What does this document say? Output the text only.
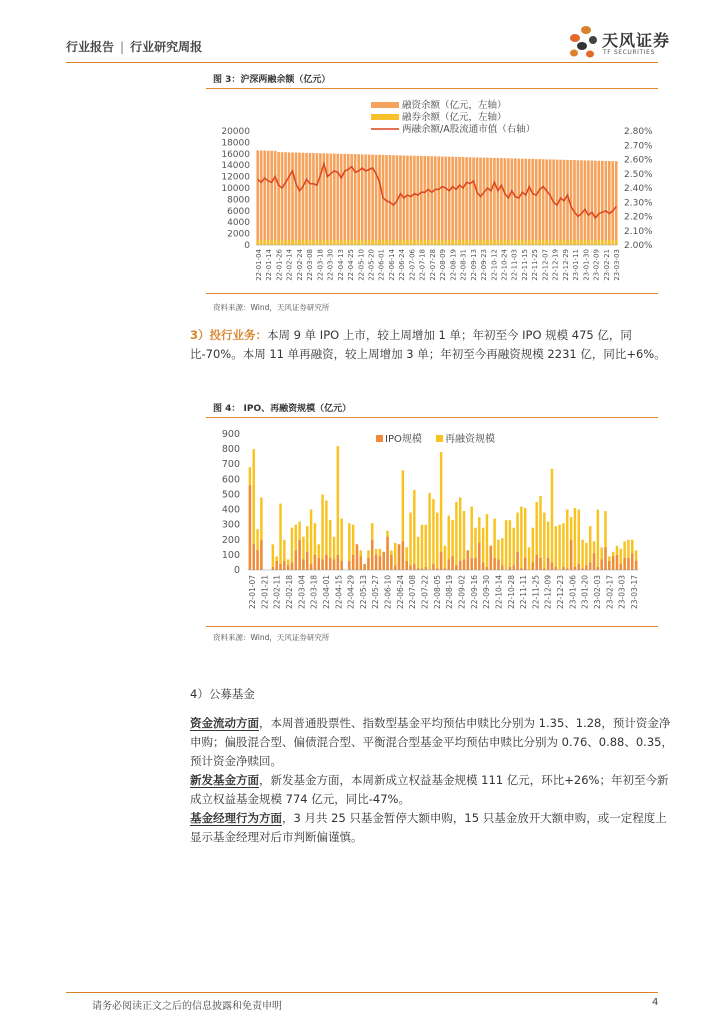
行业报告 | 行业研究周报	天风证券
TF SECURITIES
图 3：沪深两融余额（亿元）
20000
18000
16000
14000
12000
10000
8000
6000
4000
2000
0
2.80%
2.70%
2.60%
2.50%
2.40%
2.30%
2.20%
2.10%
2.00%
22-01-04 22-01-14 22-01-26 22-02-14 22-02-24 22-03-08 22-03-18 22-03-30 22-04-13 22-04-25 22-05-10 22-05-20 22-06-01 22-06-14 22-06-24 22-07-06 22-07-18 22-07-28 22-08-09 22-08-19 22-08-31 22-09-13 22-09-23 22-10-12 22-10-24 22-11-03 22-11-15 22-11-25 22-12-07 22-12-19 22-12-29 23-01-11 23-01-30 23-02-09 23-02-21 23-03-03
融资余额（亿元，左轴）
融券余额（亿元，左轴）
两融余额/A股流通市值（右轴）
资料来源：Wind，天风证券研究所
3）投行业务：本周 9 单 IPO 上市，较上周增加 1 单；年初至今 IPO 规模 475 亿，同比-70%。本周 11 单再融资，较上周增加 3 单；年初至今再融资规模 2231 亿，同比+6%。
图 4： IPO、再融资规模（亿元）
900
800
700
600
500
400
300
200
100
0
22-01-07 22-01-21 22-02-11 22-02-18 22-03-04 22-03-18 22-04-01 22-04-15 22-04-29 22-05-13 22-05-27 22-06-10 22-06-24 22-07-08 22-07-22 22-08-05 22-08-19 22-09-02 22-09-16 22-09-30 22-10-14 22-10-28 22-11-11 22-11-25 22-12-09 22-12-23 23-01-06 23-01-20 23-02-03 23-02-17 23-03-03 23-03-17
IPO规模 再融资规模
资料来源：Wind，天风证券研究所
4）公募基金
资金流动方面，本周普通股票性、指数型基金平均预估申赎比分别为 1.35、1.28，预计资金净申购；偏股混合型、偏债混合型、平衡混合型基金平均预估申赎比分别为 0.76、0.88、0.35，预计资金净赎回。
新发基金方面，新发基金方面，本周新成立权益基金规模 111 亿元，环比+26%；年初至今新成立权益基金规模 774 亿元，同比-47%。
基金经理行为方面，3 月共 25 只基金暂停大额申购，15 只基金放开大额申购，或一定程度上显示基金经理对后市判断偏谨慎。
请务必阅读正文之后的信息披露和免责申明	4
